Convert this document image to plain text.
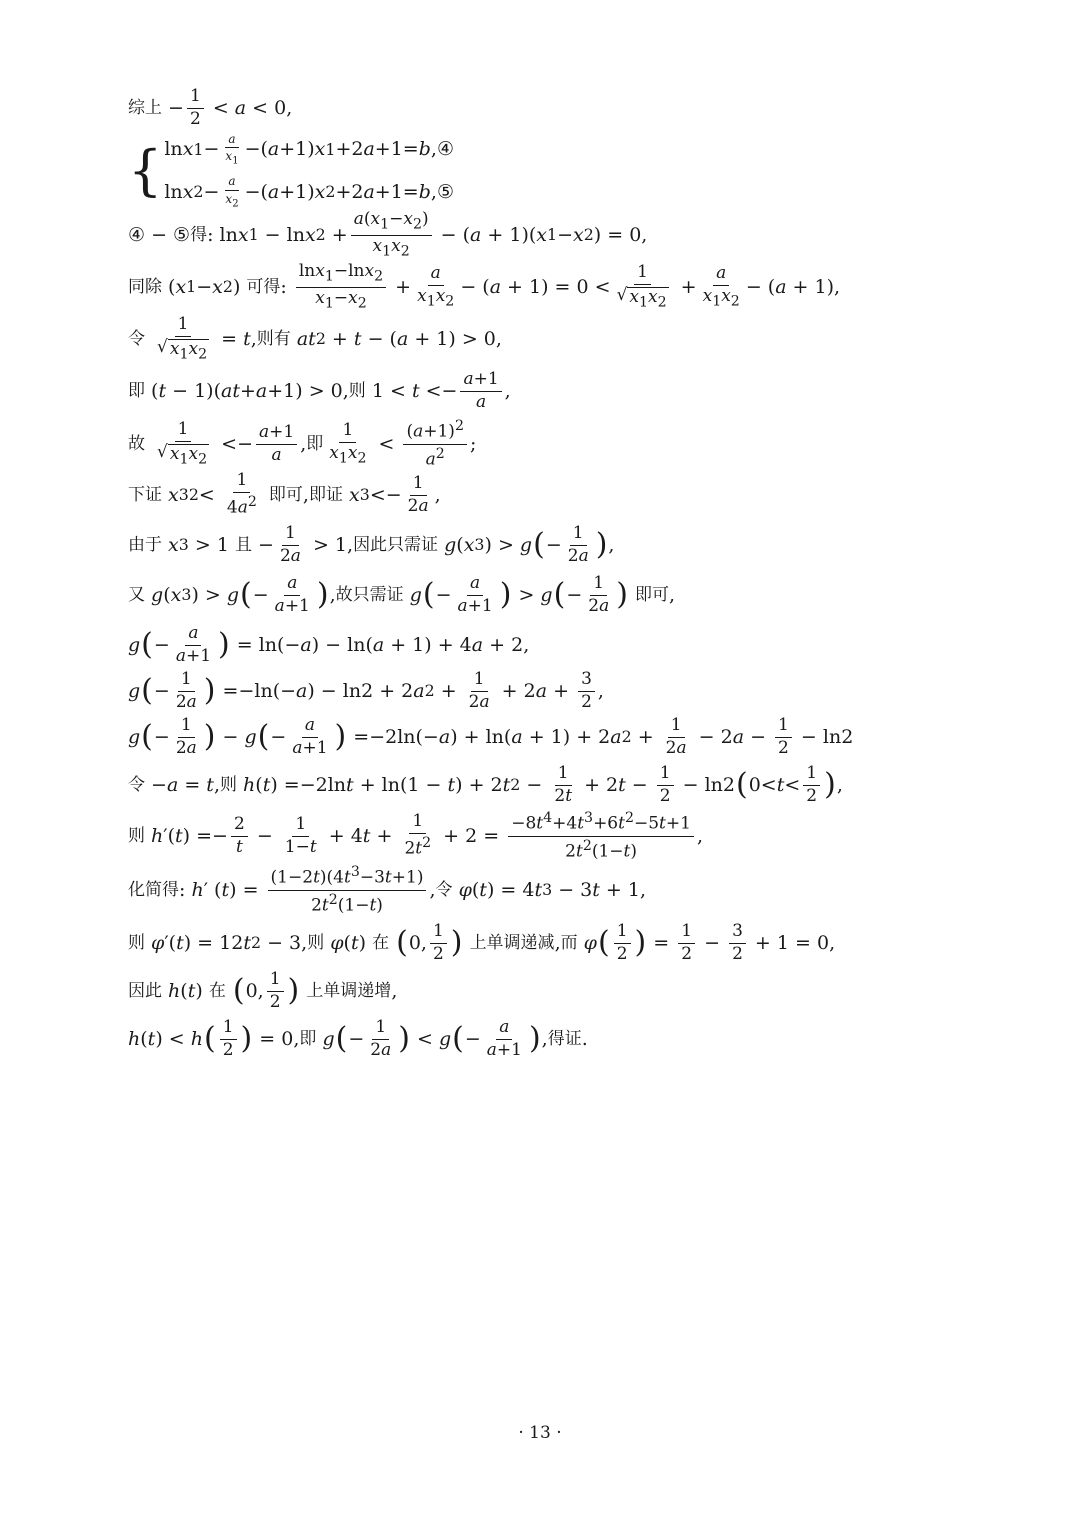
综上 − $\frac{1}{2} < a < 0$,
{ ln x $1 - \frac{a}{x_1}$ −( a +1) x 1 +2 a +1= b ,④
ln x $2 - \frac{a}{x_2}$ −( a +1) x 2 +2 a +1= b ,⑤
④ − ⑤ 得 : ln x 1 − ln x $2 + \frac{a(x_1-x_2)}{x_1x_2}$ − ( a + 1)( x 1 − x 2 ) = 0,
同除 ( x 1 − x 2 ) 可得 : $\frac{\ln x_1-\ln x_2}{x_1-x_2} + \frac{a}{x_1x_2}$ − ( $a + 1) = 0 < \frac{1}{√ x_1x_2} + \frac{a}{x_1x_2}$ − ( a + 1),
令
$\frac{1}{√ x_1x_2} = t$ , 则有
at 2 + t − ( a + 1) > 0,
即 ( t − 1)( at + a +1) > 0, 则 $1 < t <- \frac{a+1}{a}$ ,
故
$\frac{1}{√ x_1x_2} <- \frac{a+1}{a}$ , 即 $\frac{1}{x_1x_2} < \frac{(a+1)^2}{a^2}$ ;
下证
x 3 $2 < \frac{1}{4a^2}$
即可 , 即证
x $3 <- \frac{1}{2a}$ ,
由于
x 3 > 1 且 − $\frac{1}{2a} > 1$, 因此只需证
g ( x 3 ) > g ( − $\frac{1}{2a}$ ) ,
又
g ( x 3 ) > g ( − $\frac{a}{a+1}$ ) , 故只需证
g ( − $\frac{a}{a+1}$ ) > g ( − $\frac{1}{2a}$ )
即可 ,
g ( − $\frac{a}{a+1}$ ) = ln(− a ) − ln( a + 1) + 4 a + 2,
g ( − $\frac{1}{2a}$ ) =−ln(− a ) − ln2 + 2 a $2 + \frac{1}{2a} + 2$ $a + \frac{3}{2}$ ,
g ( − $\frac{1}{2a}$ ) − g ( − $\frac{a}{a+1}$ ) =−2ln(− a ) + ln( a + 1) + 2 a $2 + \frac{1}{2a} - 2$ $a - \frac{1}{2} - \ln 2$
令 − a = t , 则
h ( t ) =−2ln t + ln(1 − t ) + 2 t $2 - \frac{1}{2t} + 2$ $t - \frac{1}{2} - \ln 2$ ( $0< t < \frac{1}{2}$ ) ,
则
h ′( t ) =− $\frac{2}{t} - \frac{1}{1-t} + 4$ $t + \frac{1}{2t^2} + 2 = \frac{-8t^4+4t^3+6t^2-5t+1}{2t^2(1-t)}$ ,
化简得 : h ′ ( t ) = $\frac{(1-2t)(4t^3-3t+1)}{2t^2(1-t)}$ , 令
φ ( t ) = 4 t 3 − 3 t + 1,
则
φ ′( t ) = 12 t 2 − 3, 则
φ ( t ) 在
( 0, $\frac{1}{2}$ )
上单调递减 , 而
φ ( $\frac{1}{2}$ ) = $\frac{1}{2} - \frac{3}{2} + 1 = 0$,
因此
h ( t ) 在
( 0, $\frac{1}{2}$ )
上单调递增 ,
h ( t ) < h ( $\frac{1}{2}$ ) = 0, 即
g ( − $\frac{1}{2a}$ ) < g ( − $\frac{a}{a+1}$ ) , 得证 .
· 13 ·
